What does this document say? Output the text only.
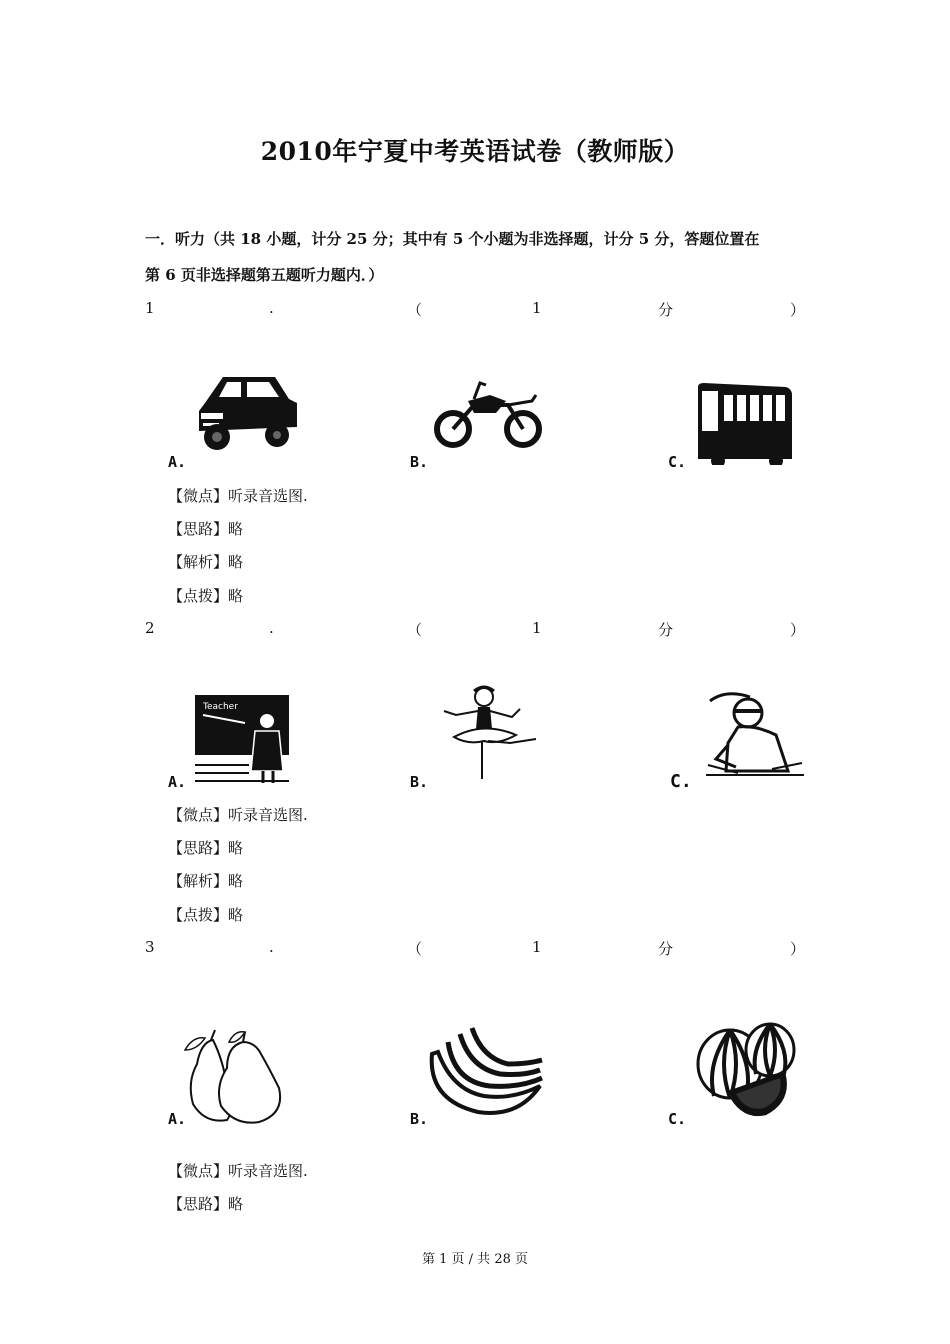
2010年宁夏中考英语试卷（教师版）
一．听力（共 18 小题，计分 25 分；其中有 5 个小题为非选择题，计分 5 分，答题位置在
第 6 页非选择题第五题听力题内．）
1	.	（	1	分	）
A.	B.	C.
【微点】听录音选图.
【思路】略
【解析】略
【点拨】略
2	.	（	1	分	）
Teacher
A.	B.	C.
【微点】听录音选图.
【思路】略
【解析】略
【点拨】略
3	.	（	1	分	）
A.	B.	C.
【微点】听录音选图.
【思路】略
第 1 页 / 共 28 页
